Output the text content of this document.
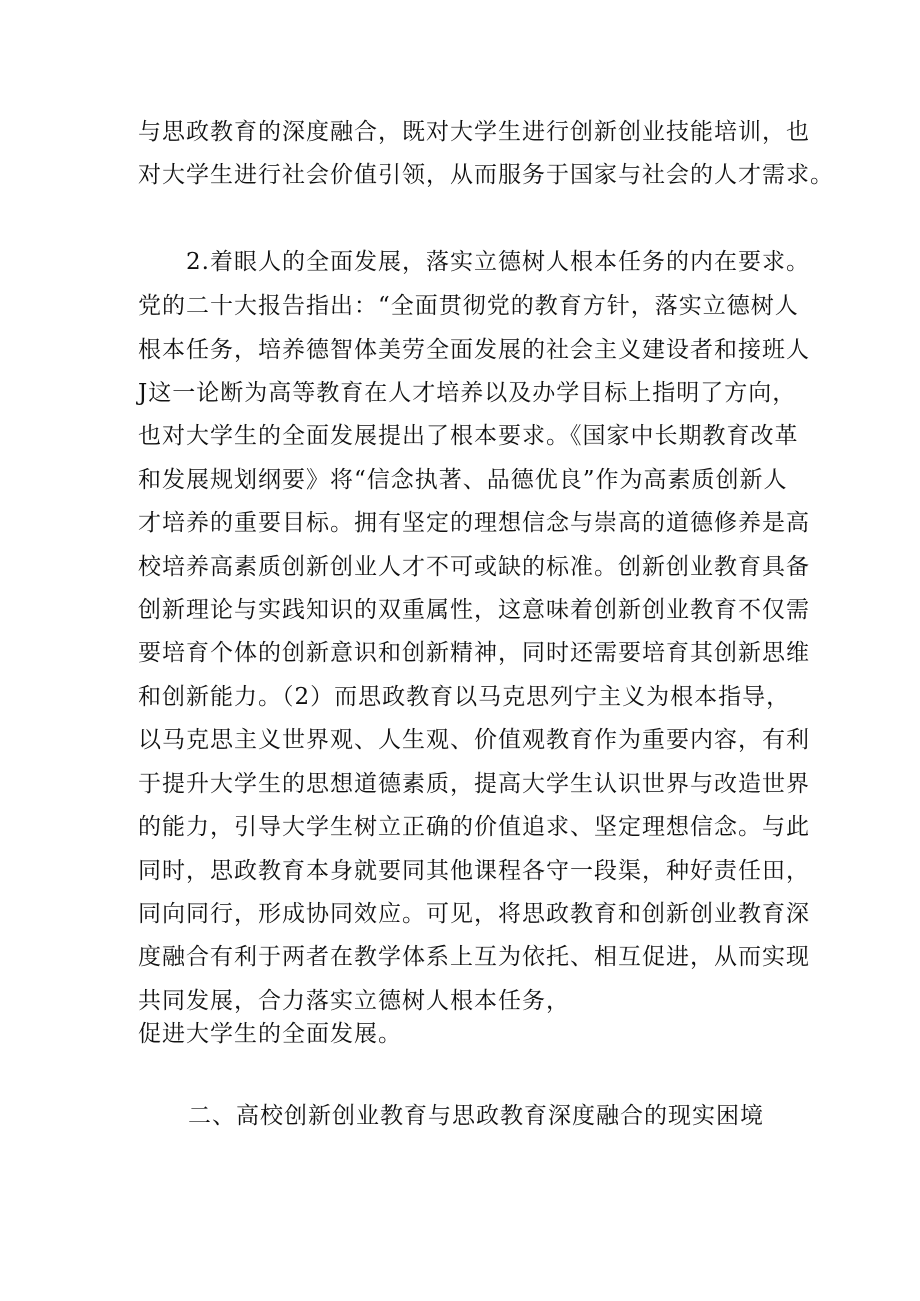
与思政教育的深度融合，既对大学生进行创新创业技能培训，也
对大学生进行社会价值引领，从而服务于国家与社会的人才需求。
2.着眼人的全面发展，落实立德树人根本任务的内在要求。
党的二十大报告指出：“全面贯彻党的教育方针，落实立德树人
根本任务，培养德智体美劳全面发展的社会主义建设者和接班人
J这一论断为高等教育在人才培养以及办学目标上指明了方向，
也对大学生的全面发展提出了根本要求。《国家中长期教育改革
和发展规划纲要》将“信念执著、品德优良”作为高素质创新人
才培养的重要目标。拥有坚定的理想信念与崇高的道德修养是高
校培养高素质创新创业人才不可或缺的标准。创新创业教育具备
创新理论与实践知识的双重属性，这意味着创新创业教育不仅需
要培育个体的创新意识和创新精神，同时还需要培育其创新思维
和创新能力。（2）而思政教育以马克思列宁主义为根本指导，
以马克思主义世界观、人生观、价值观教育作为重要内容，有利
于提升大学生的思想道德素质，提高大学生认识世界与改造世界
的能力，引导大学生树立正确的价值追求、坚定理想信念。与此
同时，思政教育本身就要同其他课程各守一段渠，种好责任田，
同向同行，形成协同效应。可见，将思政教育和创新创业教育深
度融合有利于两者在教学体系上互为依托、相互促进，从而实现
共同发展，合力落实立德树人根本任务，
促进大学生的全面发展。
二、高校创新创业教育与思政教育深度融合的现实困境
